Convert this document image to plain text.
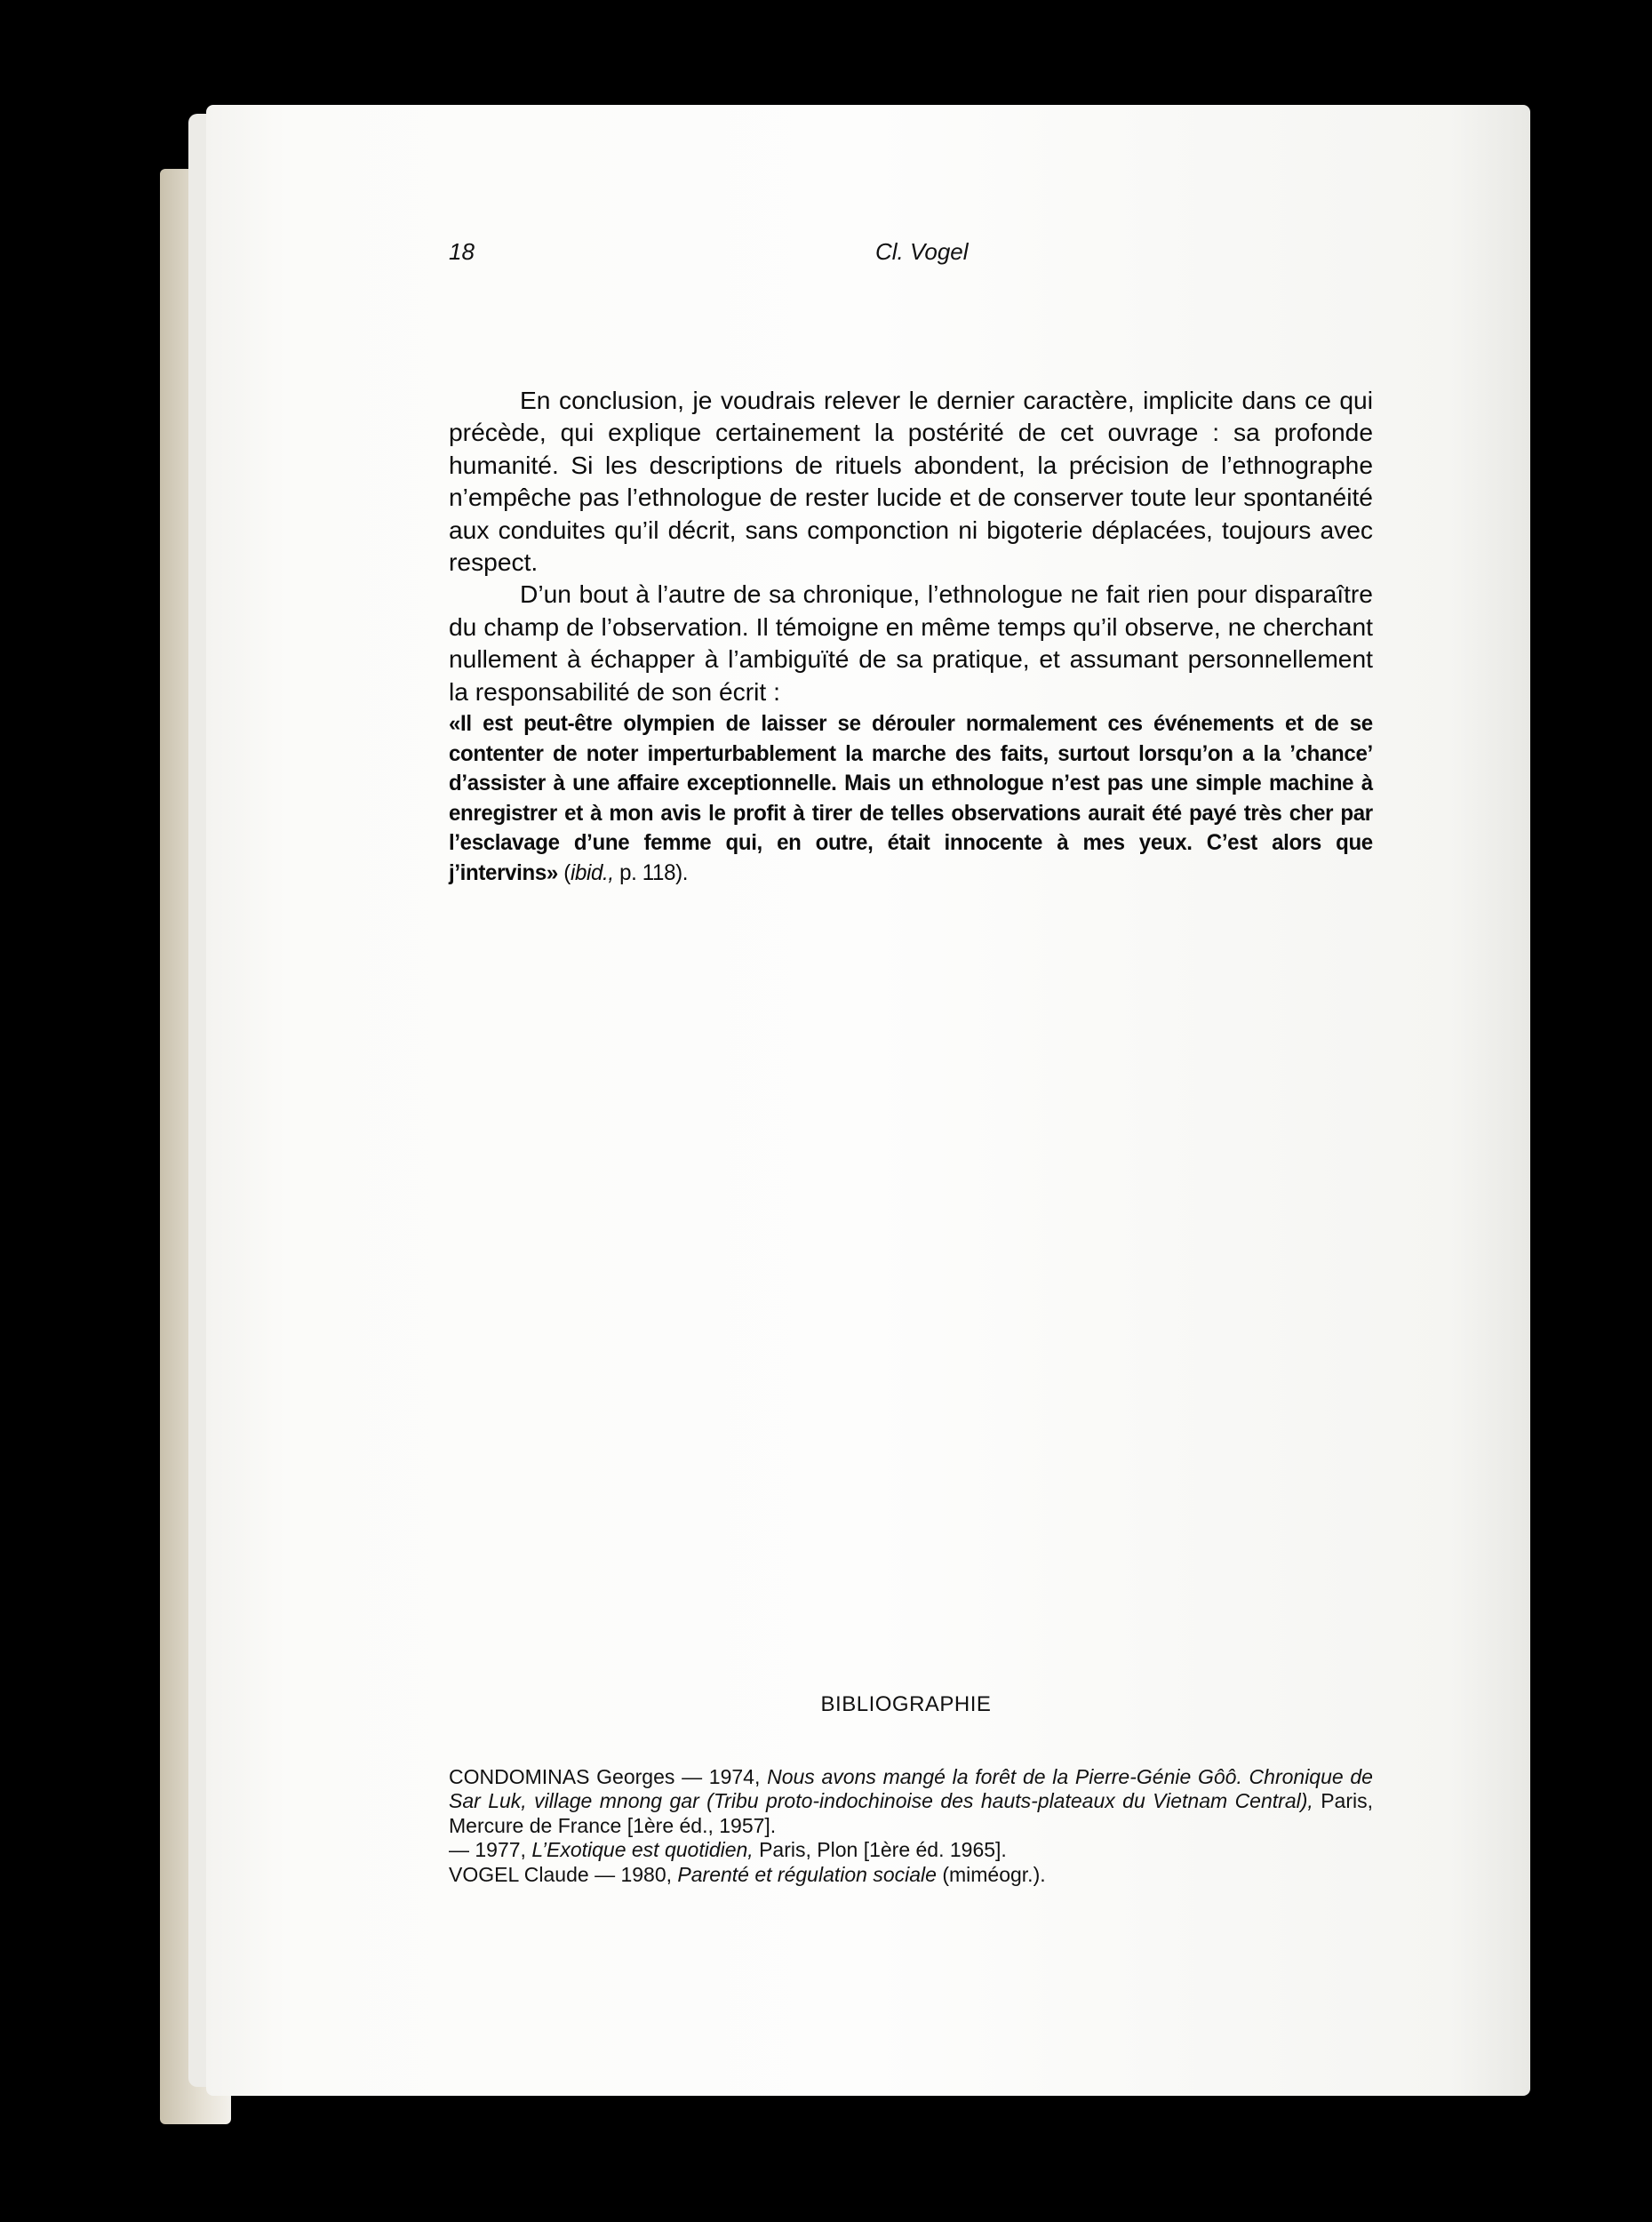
18	Cl. Vogel

En conclusion, je voudrais relever le dernier caractère, implicite dans ce qui précède, qui explique certainement la postérité de cet ouvrage : sa profonde humanité. Si les descriptions de rituels abondent, la précision de l’ethnographe n’empêche pas l’ethnologue de rester lucide et de conserver toute leur spontanéité aux conduites qu’il décrit, sans componction ni bigoterie déplacées, toujours avec respect.

D’un bout à l’autre de sa chronique, l’ethnologue ne fait rien pour disparaître du champ de l’observation. Il témoigne en même temps qu’il observe, ne cherchant nullement à échapper à l’ambiguïté de sa pratique, et assumant personnellement la responsabilité de son écrit :

«Il est peut-être olympien de laisser se dérouler normalement ces événements et de se contenter de noter imperturbablement la marche des faits, surtout lorsqu’on a la ’chance’ d’assister à une affaire exceptionnelle. Mais un ethnologue n’est pas une simple machine à enregistrer et à mon avis le profit à tirer de telles observations aurait été payé très cher par l’esclavage d’une femme qui, en outre, était innocente à mes yeux. C’est alors que j’intervins» (ibid., p. 118).

BIBLIOGRAPHIE

CONDOMINAS Georges — 1974, Nous avons mangé la forêt de la Pierre-Génie Gôô. Chronique de Sar Luk, village mnong gar (Tribu proto-indochinoise des hauts-plateaux du Vietnam Central), Paris, Mercure de France [1ère éd., 1957].

— 1977, L’Exotique est quotidien, Paris, Plon [1ère éd. 1965].

VOGEL Claude — 1980, Parenté et régulation sociale (miméogr.).
